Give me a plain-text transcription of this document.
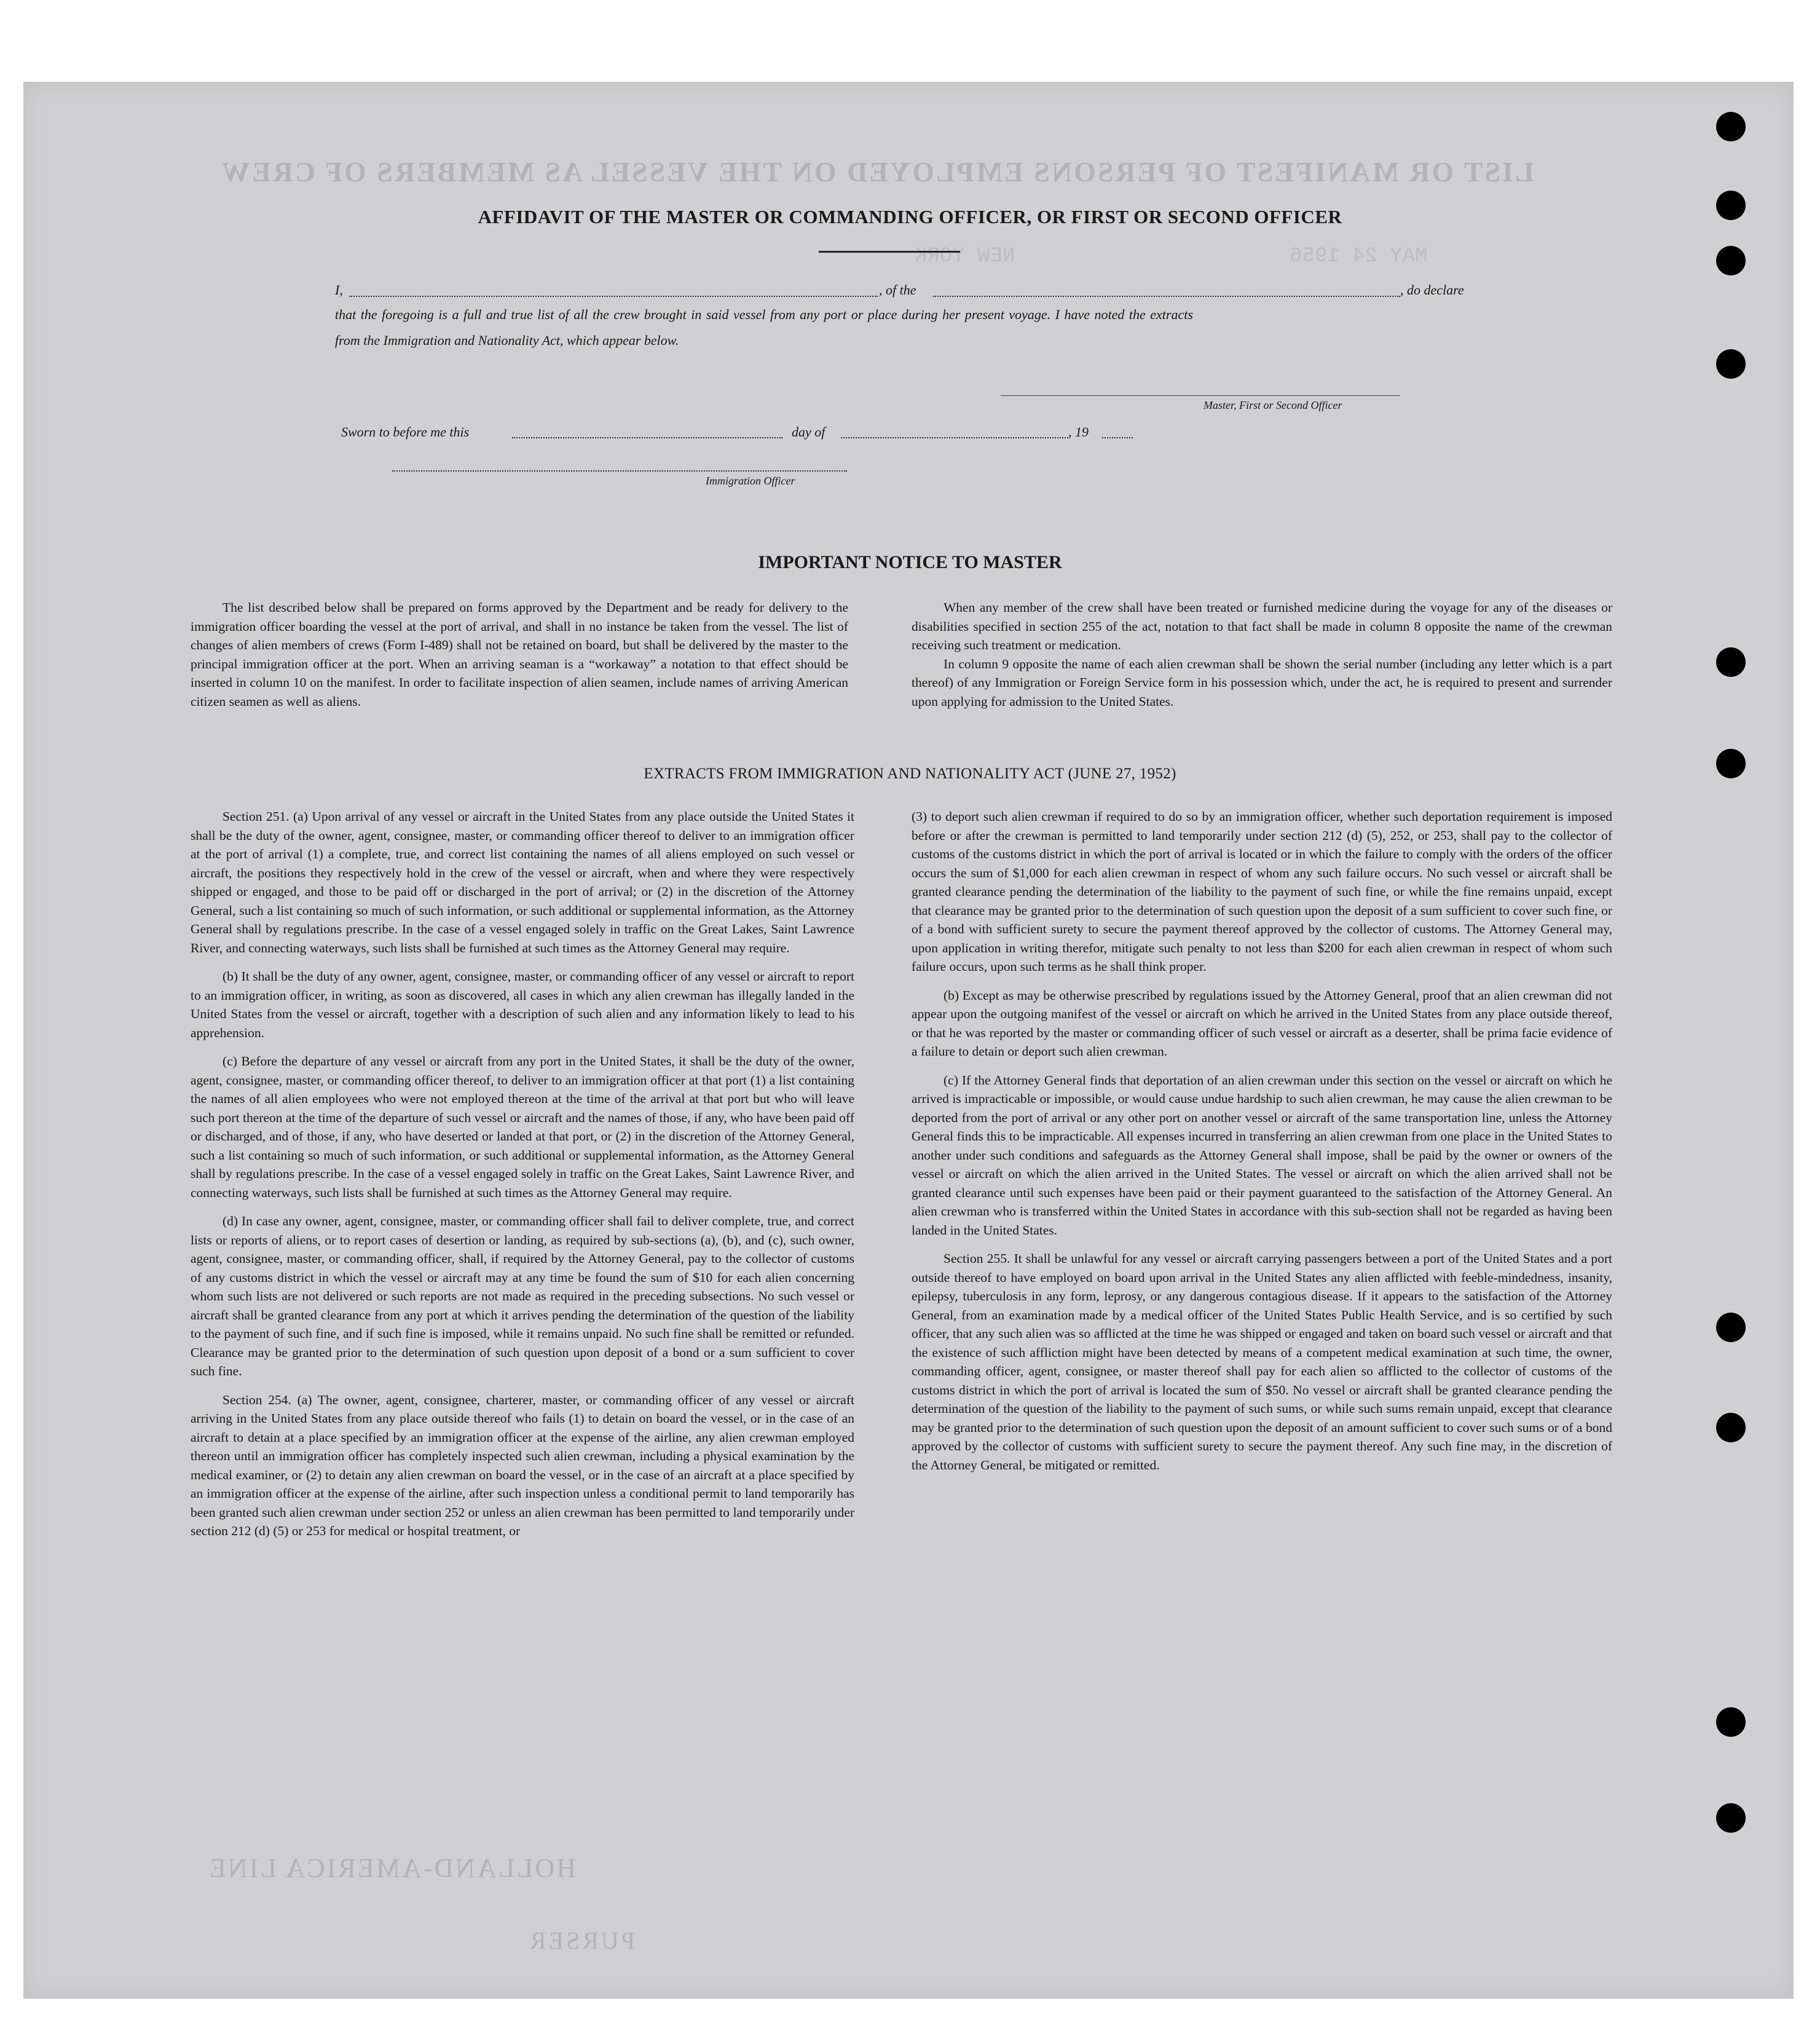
LIST OR MANIFEST OF PERSONS EMPLOYED ON THE VESSEL AS MEMBERS OF CREW
NEW YORK	MAY 24 1956
HOLLAND-AMERICA LINE
PURSER
AFFIDAVIT OF THE MASTER OR COMMANDING OFFICER, OR FIRST OR SECOND OFFICER
I,	, of the	, do declare
that the foregoing is a full and true list of all the crew brought in said vessel from any port or place during her present voyage. I have noted the extracts
from the Immigration and Nationality Act, which appear below.
Master, First or Second Officer
Sworn to before me this	day of	, 19
Immigration Officer
IMPORTANT NOTICE TO MASTER

The list described below shall be prepared on forms approved by the Department and be ready for delivery to the immigration officer boarding the vessel at the port of arrival, and shall in no instance be taken from the vessel. The list of changes of alien members of crews (Form I-489) shall not be retained on board, but shall be delivered by the master to the principal immigration officer at the port. When an arriving seaman is a “workaway” a notation to that effect should be inserted in column 10 on the manifest. In order to facilitate inspection of alien seamen, include names of arriving American citizen seamen as well as aliens.

When any member of the crew shall have been treated or furnished medicine during the voyage for any of the diseases or disabilities specified in section 255 of the act, notation to that fact shall be made in column 8 opposite the name of the crewman receiving such treatment or medication.

In column 9 opposite the name of each alien crewman shall be shown the serial number (including any letter which is a part thereof) of any Immigration or Foreign Service form in his possession which, under the act, he is required to present and surrender upon applying for admission to the United States.

EXTRACTS FROM IMMIGRATION AND NATIONALITY ACT (JUNE 27, 1952)

Section 251. (a) Upon arrival of any vessel or aircraft in the United States from any place outside the United States it shall be the duty of the owner, agent, consignee, master, or commanding officer thereof to deliver to an immigration officer at the port of arrival (1) a complete, true, and correct list containing the names of all aliens employed on such vessel or aircraft, the positions they respectively hold in the crew of the vessel or aircraft, when and where they were respectively shipped or engaged, and those to be paid off or discharged in the port of arrival; or (2) in the discretion of the Attorney General, such a list containing so much of such information, or such additional or supplemental information, as the Attorney General shall by regulations prescribe. In the case of a vessel engaged solely in traffic on the Great Lakes, Saint Lawrence River, and connecting waterways, such lists shall be furnished at such times as the Attorney General may require.

(b) It shall be the duty of any owner, agent, consignee, master, or commanding officer of any vessel or aircraft to report to an immigration officer, in writing, as soon as discovered, all cases in which any alien crewman has illegally landed in the United States from the vessel or aircraft, together with a description of such alien and any information likely to lead to his apprehension.

(c) Before the departure of any vessel or aircraft from any port in the United States, it shall be the duty of the owner, agent, consignee, master, or commanding officer thereof, to deliver to an immigration officer at that port (1) a list containing the names of all alien employees who were not employed thereon at the time of the arrival at that port but who will leave such port thereon at the time of the departure of such vessel or aircraft and the names of those, if any, who have been paid off or discharged, and of those, if any, who have deserted or landed at that port, or (2) in the discretion of the Attorney General, such a list containing so much of such information, or such additional or supplemental information, as the Attorney General shall by regulations prescribe. In the case of a vessel engaged solely in traffic on the Great Lakes, Saint Lawrence River, and connecting waterways, such lists shall be furnished at such times as the Attorney General may require.

(d) In case any owner, agent, consignee, master, or commanding officer shall fail to deliver complete, true, and correct lists or reports of aliens, or to report cases of desertion or landing, as required by sub-sections (a), (b), and (c), such owner, agent, consignee, master, or commanding officer, shall, if required by the Attorney General, pay to the collector of customs of any customs district in which the vessel or aircraft may at any time be found the sum of $10 for each alien concerning whom such lists are not delivered or such reports are not made as required in the preceding subsections. No such vessel or aircraft shall be granted clearance from any port at which it arrives pending the determination of the question of the liability to the payment of such fine, and if such fine is imposed, while it remains unpaid. No such fine shall be remitted or refunded. Clearance may be granted prior to the determination of such question upon deposit of a bond or a sum sufficient to cover such fine.

Section 254. (a) The owner, agent, consignee, charterer, master, or commanding officer of any vessel or aircraft arriving in the United States from any place outside thereof who fails (1) to detain on board the vessel, or in the case of an aircraft to detain at a place specified by an immigration officer at the expense of the airline, any alien crewman employed thereon until an immigration officer has completely inspected such alien crewman, including a physical examination by the medical examiner, or (2) to detain any alien crewman on board the vessel, or in the case of an aircraft at a place specified by an immigration officer at the expense of the airline, after such inspection unless a conditional permit to land temporarily has been granted such alien crewman under section 252 or unless an alien crewman has been permitted to land temporarily under section 212 (d) (5) or 253 for medical or hospital treatment, or

(3) to deport such alien crewman if required to do so by an immigration officer, whether such deportation requirement is imposed before or after the crewman is permitted to land temporarily under section 212 (d) (5), 252, or 253, shall pay to the collector of customs of the customs district in which the port of arrival is located or in which the failure to comply with the orders of the officer occurs the sum of $1,000 for each alien crewman in respect of whom any such failure occurs. No such vessel or aircraft shall be granted clearance pending the determination of the liability to the payment of such fine, or while the fine remains unpaid, except that clearance may be granted prior to the determination of such question upon the deposit of a sum sufficient to cover such fine, or of a bond with sufficient surety to secure the payment thereof approved by the collector of customs. The Attorney General may, upon application in writing therefor, mitigate such penalty to not less than $200 for each alien crewman in respect of whom such failure occurs, upon such terms as he shall think proper.

(b) Except as may be otherwise prescribed by regulations issued by the Attorney General, proof that an alien crewman did not appear upon the outgoing manifest of the vessel or aircraft on which he arrived in the United States from any place outside thereof, or that he was reported by the master or commanding officer of such vessel or aircraft as a deserter, shall be prima facie evidence of a failure to detain or deport such alien crewman.

(c) If the Attorney General finds that deportation of an alien crewman under this section on the vessel or aircraft on which he arrived is impracticable or impossible, or would cause undue hardship to such alien crewman, he may cause the alien crewman to be deported from the port of arrival or any other port on another vessel or aircraft of the same transportation line, unless the Attorney General finds this to be impracticable. All expenses incurred in transferring an alien crewman from one place in the United States to another under such conditions and safeguards as the Attorney General shall impose, shall be paid by the owner or owners of the vessel or aircraft on which the alien arrived in the United States. The vessel or aircraft on which the alien arrived shall not be granted clearance until such expenses have been paid or their payment guaranteed to the satisfaction of the Attorney General. An alien crewman who is transferred within the United States in accordance with this sub-section shall not be regarded as having been landed in the United States.

Section 255. It shall be unlawful for any vessel or aircraft carrying passengers between a port of the United States and a port outside thereof to have employed on board upon arrival in the United States any alien afflicted with feeble-mindedness, insanity, epilepsy, tuberculosis in any form, leprosy, or any dangerous contagious disease. If it appears to the satisfaction of the Attorney General, from an examination made by a medical officer of the United States Public Health Service, and is so certified by such officer, that any such alien was so afflicted at the time he was shipped or engaged and taken on board such vessel or aircraft and that the existence of such affliction might have been detected by means of a competent medical examination at such time, the owner, commanding officer, agent, consignee, or master thereof shall pay for each alien so afflicted to the collector of customs of the customs district in which the port of arrival is located the sum of $50. No vessel or aircraft shall be granted clearance pending the determination of the question of the liability to the payment of such sums, or while such sums remain unpaid, except that clearance may be granted prior to the determination of such question upon the deposit of an amount sufficient to cover such sums or of a bond approved by the collector of customs with sufficient surety to secure the payment thereof. Any such fine may, in the discretion of the Attorney General, be mitigated or remitted.
